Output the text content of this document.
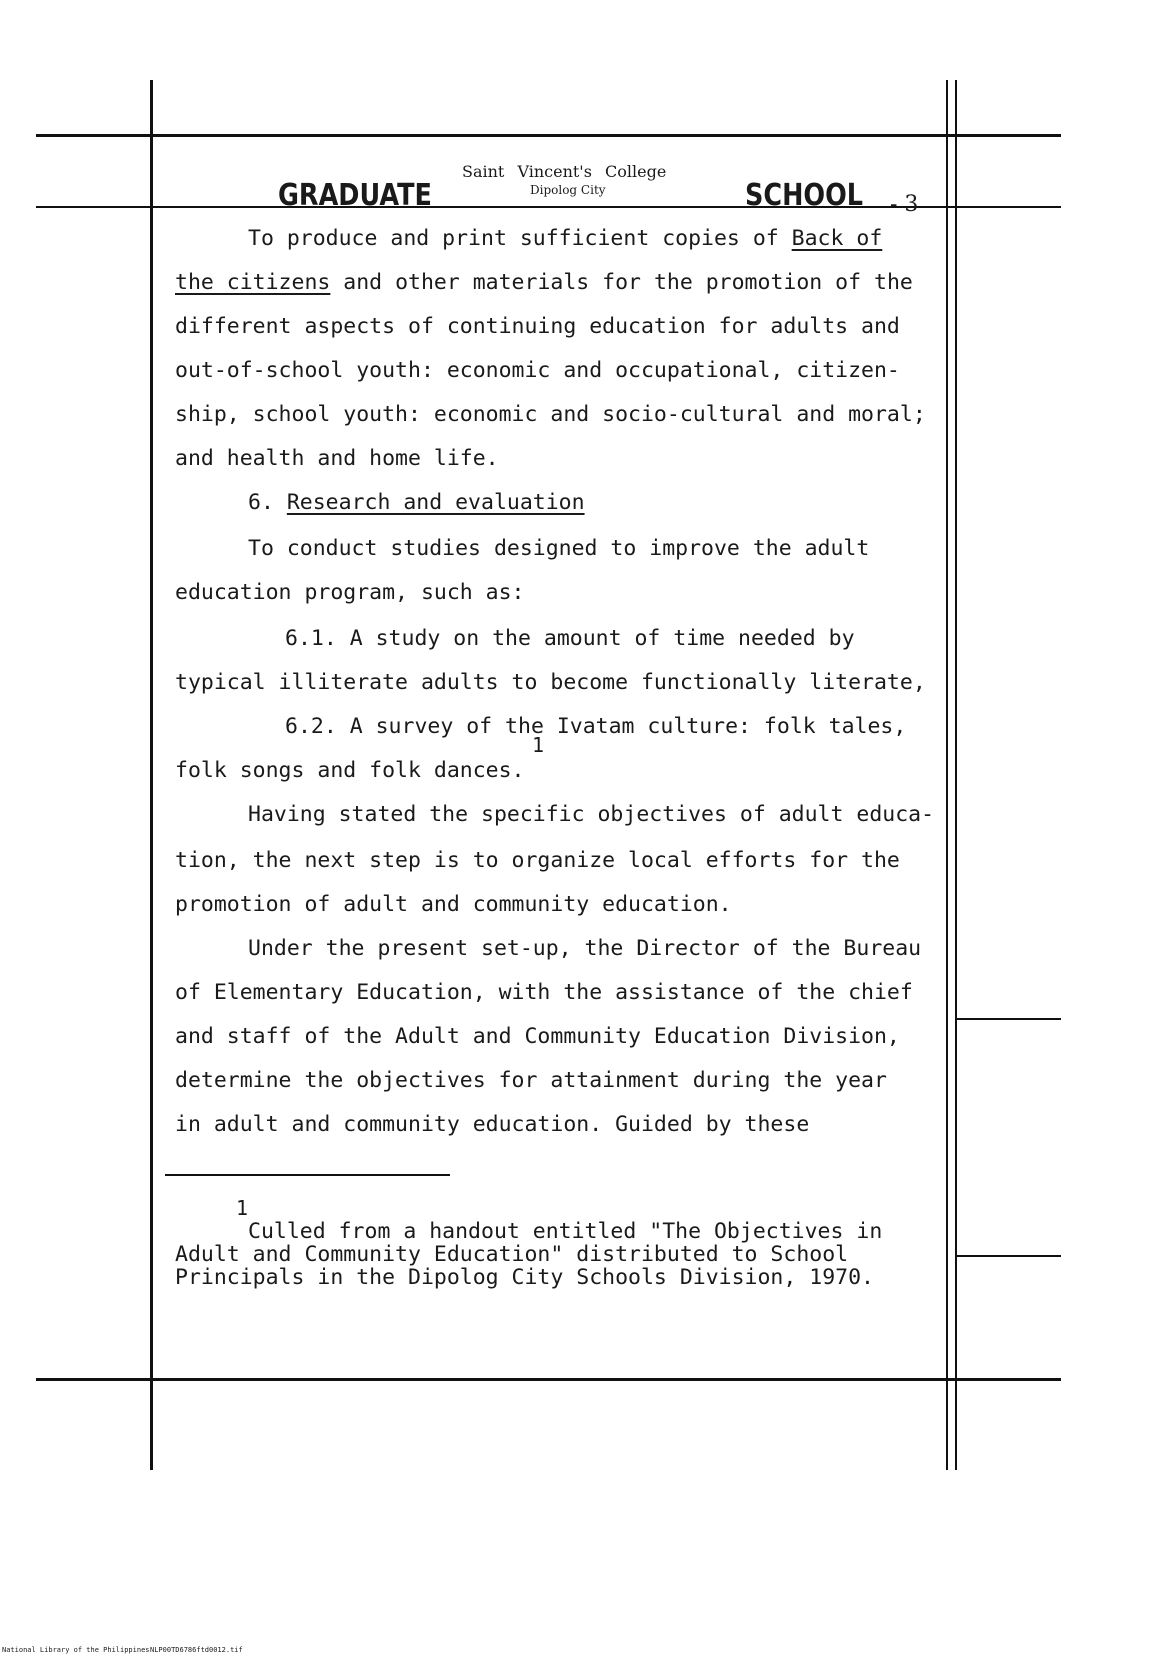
GRADUATE
Saint Vincent's College
Dipolog City	SCHOOL - 3
To produce and print sufficient copies of Back of
the citizens and other materials for the promotion of the
different aspects of continuing education for adults and
out-of-school youth: economic and occupational, citizen-
ship, school youth: economic and socio-cultural and moral;
and health and home life.
6. Research and evaluation
To conduct studies designed to improve the adult
education program, such as:
6.1. A study on the amount of time needed by
typical illiterate adults to become functionally literate,
6.2. A survey of the Ivatam culture: folk tales,
folk songs and folk dances.
1
Having stated the specific objectives of adult educa-
tion, the next step is to organize local efforts for the
promotion of adult and community education.
Under the present set-up, the Director of the Bureau
of Elementary Education, with the assistance of the chief
and staff of the Adult and Community Education Division,
determine the objectives for attainment during the year
in adult and community education. Guided by these
1
Culled from a handout entitled "The Objectives in
Adult and Community Education" distributed to School
Principals in the Dipolog City Schools Division, 1970.
National Library of the Philippines NLP00TD6786ftd0012.tif
